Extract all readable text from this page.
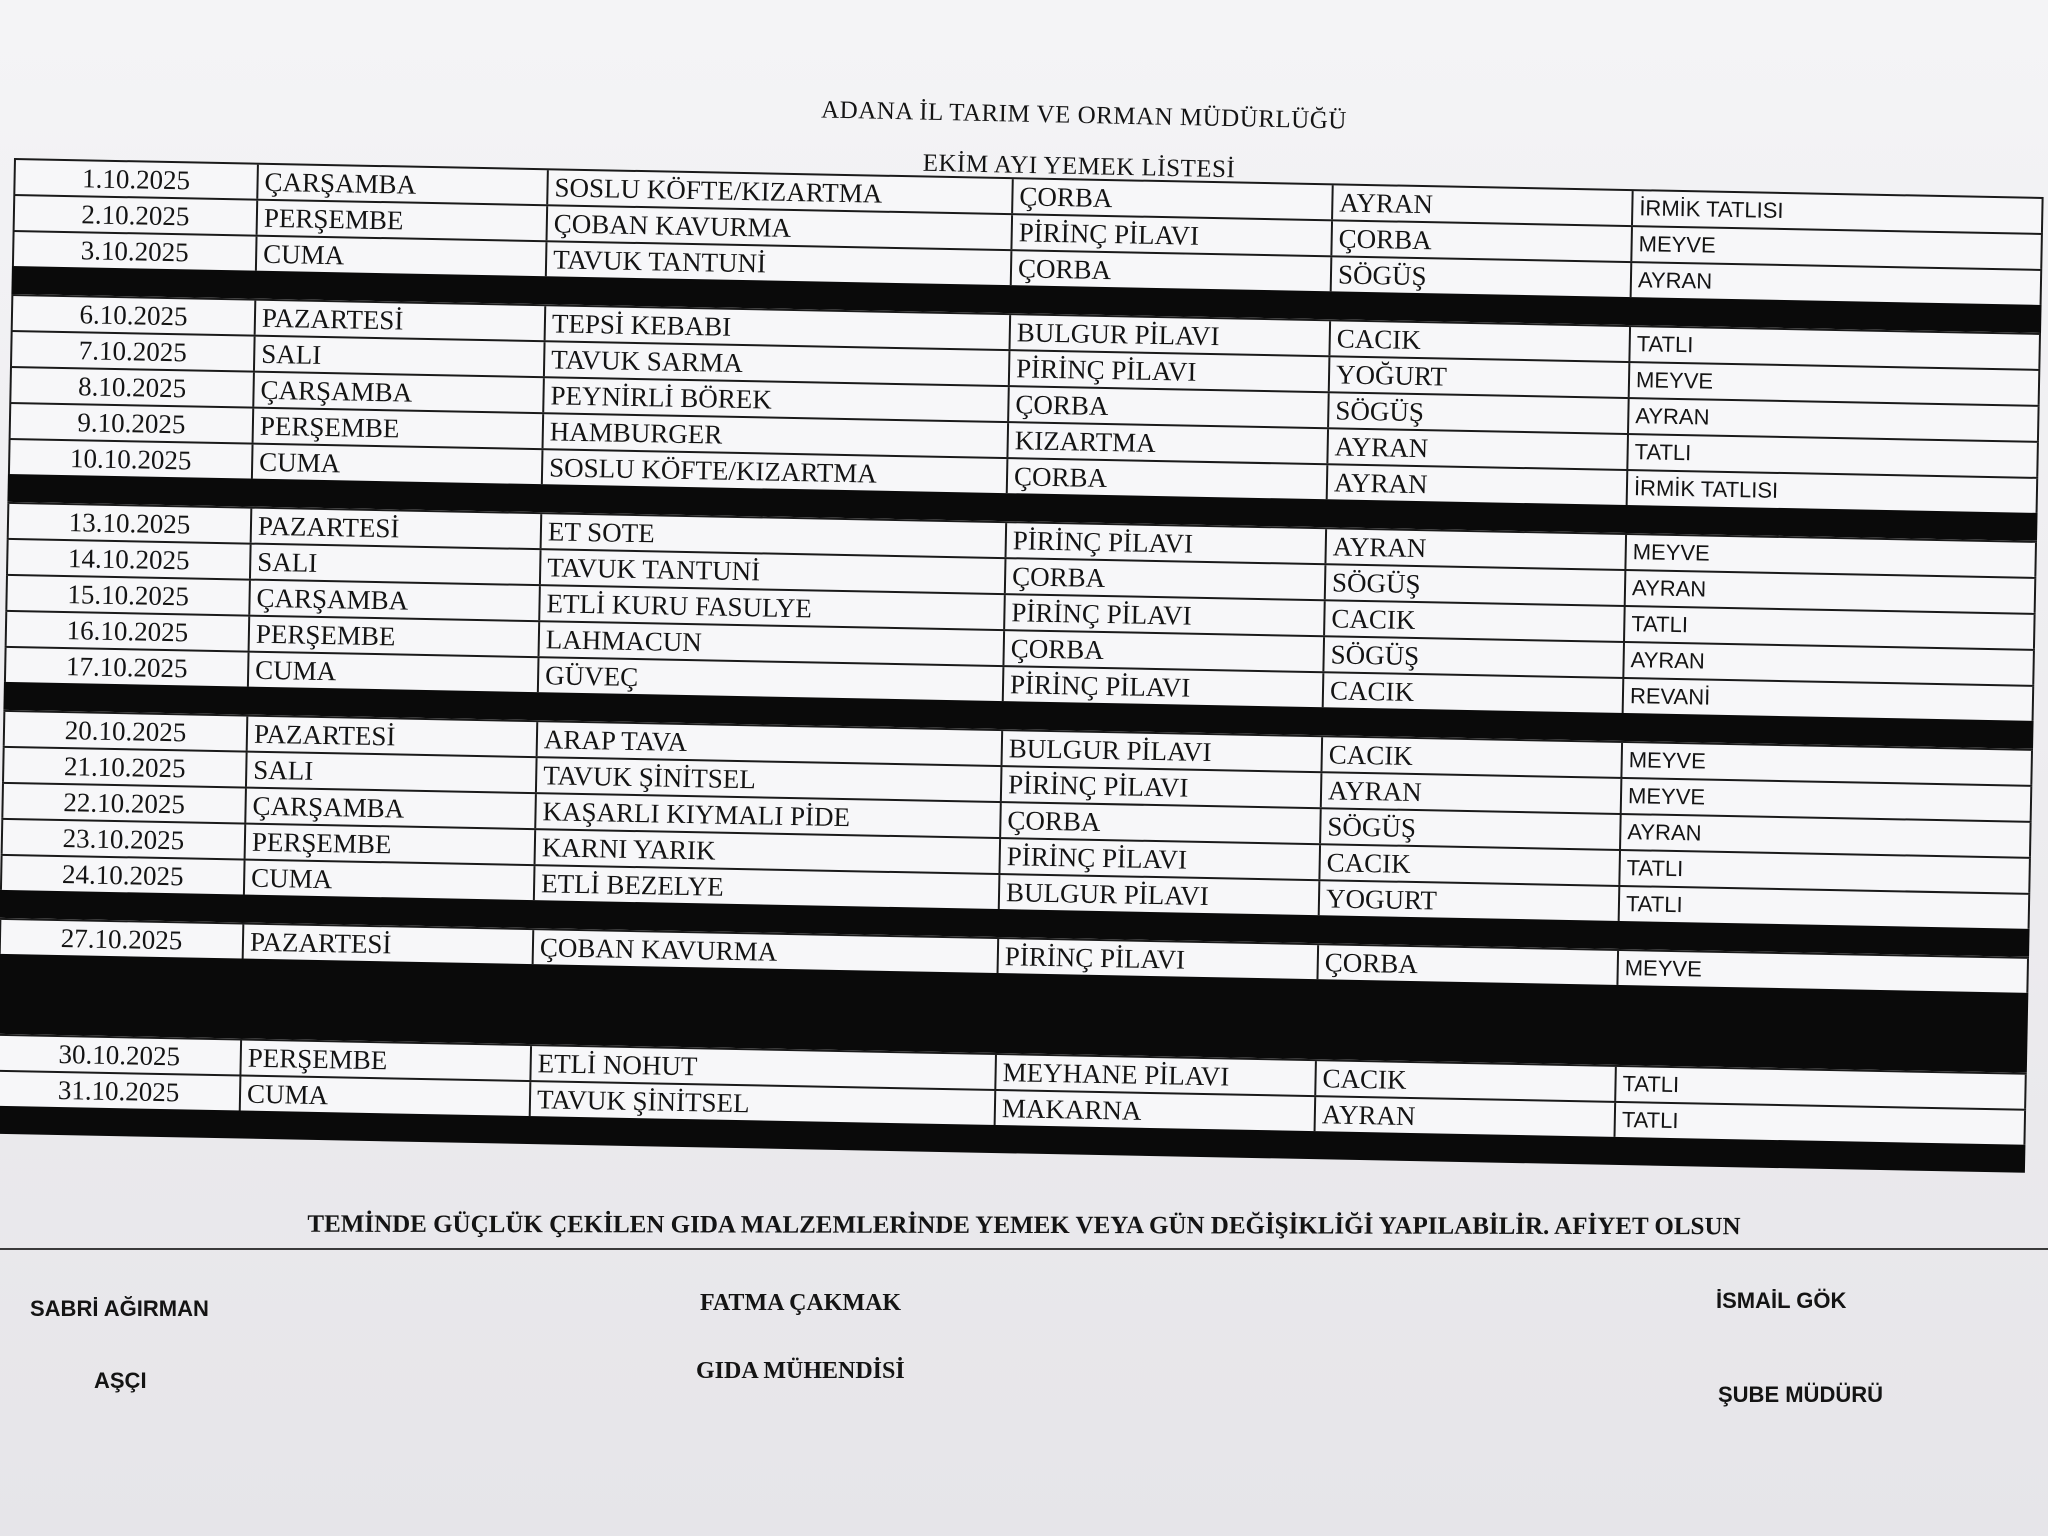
ADANA İL TARIM VE ORMAN MÜDÜRLÜĞÜ
EKİM AYI YEMEK LİSTESİ
1.10.2025	ÇARŞAMBA	SOSLU KÖFTE/KIZARTMA	ÇORBA	AYRAN	İRMİK TATLISI
2.10.2025	PERŞEMBE	ÇOBAN KAVURMA	PİRİNÇ PİLAVI	ÇORBA	MEYVE
3.10.2025	CUMA	TAVUK TANTUNİ	ÇORBA	SÖGÜŞ	AYRAN
6.10.2025	PAZARTESİ	TEPSİ KEBABI	BULGUR PİLAVI	CACIK	TATLI
7.10.2025	SALI	TAVUK SARMA	PİRİNÇ PİLAVI	YOĞURT	MEYVE
8.10.2025	ÇARŞAMBA	PEYNİRLİ BÖREK	ÇORBA	SÖGÜŞ	AYRAN
9.10.2025	PERŞEMBE	HAMBURGER	KIZARTMA	AYRAN	TATLI
10.10.2025	CUMA	SOSLU KÖFTE/KIZARTMA	ÇORBA	AYRAN	İRMİK TATLISI
13.10.2025	PAZARTESİ	ET SOTE	PİRİNÇ PİLAVI	AYRAN	MEYVE
14.10.2025	SALI	TAVUK TANTUNİ	ÇORBA	SÖGÜŞ	AYRAN
15.10.2025	ÇARŞAMBA	ETLİ KURU FASULYE	PİRİNÇ PİLAVI	CACIK	TATLI
16.10.2025	PERŞEMBE	LAHMACUN	ÇORBA	SÖGÜŞ	AYRAN
17.10.2025	CUMA	GÜVEÇ	PİRİNÇ PİLAVI	CACIK	REVANİ
20.10.2025	PAZARTESİ	ARAP TAVA	BULGUR PİLAVI	CACIK	MEYVE
21.10.2025	SALI	TAVUK ŞİNİTSEL	PİRİNÇ PİLAVI	AYRAN	MEYVE
22.10.2025	ÇARŞAMBA	KAŞARLI KIYMALI PİDE	ÇORBA	SÖGÜŞ	AYRAN
23.10.2025	PERŞEMBE	KARNI YARIK	PİRİNÇ PİLAVI	CACIK	TATLI
24.10.2025	CUMA	ETLİ BEZELYE	BULGUR PİLAVI	YOGURT	TATLI
27.10.2025	PAZARTESİ	ÇOBAN KAVURMA	PİRİNÇ PİLAVI	ÇORBA	MEYVE
30.10.2025	PERŞEMBE	ETLİ NOHUT	MEYHANE PİLAVI	CACIK	TATLI
31.10.2025	CUMA	TAVUK ŞİNİTSEL	MAKARNA	AYRAN	TATLI
TEMİNDE GÜÇLÜK ÇEKİLEN GIDA MALZEMLERİNDE YEMEK VEYA GÜN DEĞİŞİKLİĞİ YAPILABİLİR. AFİYET OLSUN
SABRİ AĞIRMAN
AŞÇI
FATMA ÇAKMAK
GIDA MÜHENDİSİ
İSMAİL GÖK
ŞUBE MÜDÜRÜ
